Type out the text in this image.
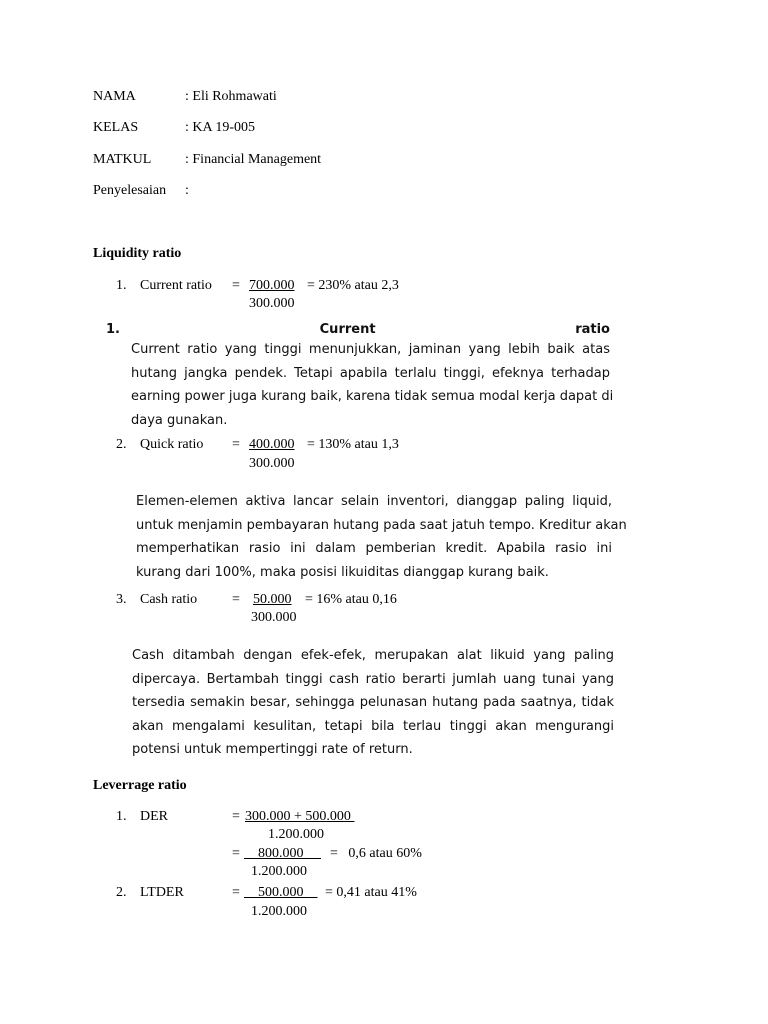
NAMA	: Eli Rohmawati
KELAS	: KA 19-005
MATKUL : Financial Management
Penyelesaian :
Liquidity ratio
1. Current ratio = 700.000 = 230% atau 2,3
300.000
1. Current ratio

Current ratio yang tinggi menunjukkan, jaminan yang lebih baik atas

hutang jangka pendek. Tetapi apabila terlalu tinggi, efeknya terhadap

earning power juga kurang baik, karena tidak semua modal kerja dapat di

daya gunakan.

2. Quick ratio = 400.000 = 130% atau 1,3
300.000

Elemen-elemen aktiva lancar selain inventori, dianggap paling liquid,

untuk menjamin pembayaran hutang pada saat jatuh tempo. Kreditur akan

memperhatikan rasio ini dalam pemberian kredit. Apabila rasio ini

kurang dari 100%, maka posisi likuiditas dianggap kurang baik.

3. Cash ratio = 50.000 = 16% atau 0,16
300.000

Cash ditambah dengan efek-efek, merupakan alat likuid yang paling

dipercaya. Bertambah tinggi cash ratio berarti jumlah uang tunai yang

tersedia semakin besar, sehingga pelunasan hutang pada saatnya, tidak

akan mengalami kesulitan, tetapi bila terlau tinggi akan mengurangi

potensi untuk mempertinggi rate of return.

Leverrage ratio
1. DER	= 300.000 + 500.000
1.200.000
= 800.000 =   0,6 atau 60%
1.200.000
2. LTDER	= 500.000 = 0,41 atau 41%
1.200.000
